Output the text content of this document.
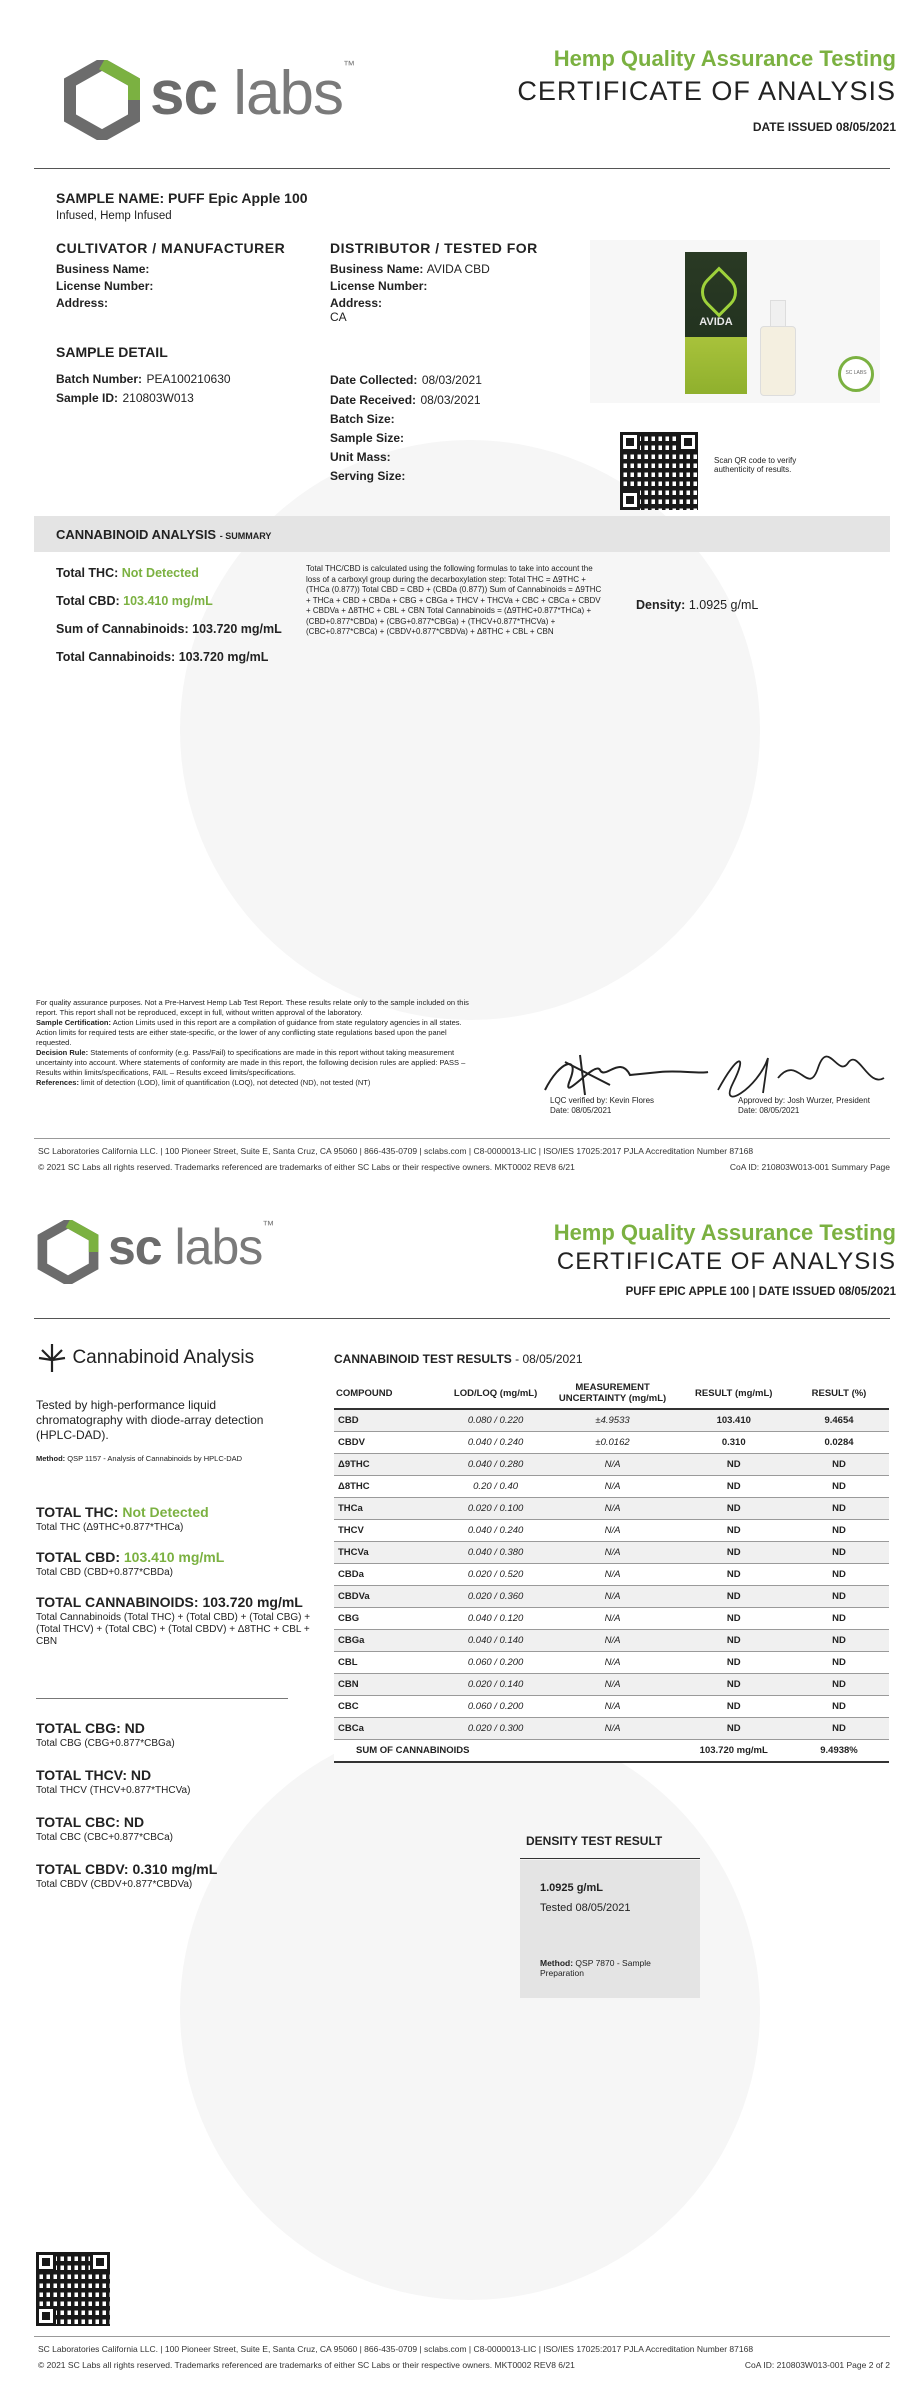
sc labs™	Hemp Quality Assurance Testing
CERTIFICATE OF ANALYSIS
DATE ISSUED 08/05/2021
SAMPLE NAME: PUFF Epic Apple 100
Infused, Hemp Infused
CULTIVATOR / MANUFACTURER
Business Name:
License Number:
Address:
DISTRIBUTOR / TESTED FOR
Business Name: AVIDA CBD
License Number:
Address:
CA	AVIDA
SC LABS
SAMPLE DETAIL
Batch Number: PEA100210630
Sample ID: 210803W013
Date Collected: 08/03/2021
Date Received: 08/03/2021
Batch Size:
Sample Size:
Unit Mass:
Serving Size:
Scan QR code to verify authenticity of results.
CANNABINOID ANALYSIS - SUMMARY
Total THC: Not Detected
Total CBD: 103.410 mg/mL
Sum of Cannabinoids: 103.720 mg/mL
Total Cannabinoids: 103.720 mg/mL
Total THC/CBD is calculated using the following formulas to take into account the loss of a carboxyl group during the decarboxylation step: Total THC = Δ9THC + (THCa (0.877)) Total CBD = CBD + (CBDa (0.877)) Sum of Cannabinoids = Δ9THC + THCa + CBD + CBDa + CBG + CBGa + THCV + THCVa + CBC + CBCa + CBDV + CBDVa + Δ8THC + CBL + CBN Total Cannabinoids = (Δ9THC+0.877*THCa) + (CBD+0.877*CBDa) + (CBG+0.877*CBGa) + (THCV+0.877*THCVa) + (CBC+0.877*CBCa) + (CBDV+0.877*CBDVa) + Δ8THC + CBL + CBN
Density: 1.0925 g/mL
For quality assurance purposes. Not a Pre-Harvest Hemp Lab Test Report. These results relate only to the sample included on this report. This report shall not be reproduced, except in full, without written approval of the laboratory.
Sample Certification: Action Limits used in this report are a compilation of guidance from state regulatory agencies in all states. Action limits for required tests are either state-specific, or the lower of any conflicting state regulations based upon the panel requested.
Decision Rule: Statements of conformity (e.g. Pass/Fail) to specifications are made in this report without taking measurement uncertainty into account. Where statements of conformity are made in this report, the following decision rules are applied: PASS – Results within limits/specifications, FAIL – Results exceed limits/specifications.
References: limit of detection (LOD), limit of quantification (LOQ), not detected (ND), not tested (NT)
LQC verified by: Kevin Flores
Date: 08/05/2021
Approved by: Josh Wurzer, President
Date: 08/05/2021
SC Laboratories California LLC. | 100 Pioneer Street, Suite E, Santa Cruz, CA 95060 | 866-435-0709 | sclabs.com | C8-0000013-LIC | ISO/IES 17025:2017 PJLA Accreditation Number 87168
© 2021 SC Labs all rights reserved. Trademarks referenced are trademarks of either SC Labs or their respective owners. MKT0002 REV8 6/21	CoA ID: 210803W013-001 Summary Page
sc labs™	Hemp Quality Assurance Testing
CERTIFICATE OF ANALYSIS
PUFF EPIC APPLE 100 | DATE ISSUED 08/05/2021
Cannabinoid Analysis
Tested by high-performance liquid chromatography with diode-array detection (HPLC-DAD).
Method: QSP 1157 - Analysis of Cannabinoids by HPLC-DAD
TOTAL THC: Not Detected
Total THC (Δ9THC+0.877*THCa)
TOTAL CBD: 103.410 mg/mL
Total CBD (CBD+0.877*CBDa)
TOTAL CANNABINOIDS: 103.720 mg/mL
Total Cannabinoids (Total THC) + (Total CBD) + (Total CBG) + (Total THCV) + (Total CBC) + (Total CBDV) + Δ8THC + CBL + CBN
TOTAL CBG: ND
Total CBG (CBG+0.877*CBGa)
TOTAL THCV: ND
Total THCV (THCV+0.877*THCVa)
TOTAL CBC: ND
Total CBC (CBC+0.877*CBCa)
TOTAL CBDV: 0.310 mg/mL
Total CBDV (CBDV+0.877*CBDVa)
CANNABINOID TEST RESULTS - 08/05/2021
COMPOUND	LOD/LOQ (mg/mL)	MEASUREMENT UNCERTAINTY (mg/mL)	RESULT (mg/mL)	RESULT (%)
CBD	0.080 / 0.220	±4.9533	103.410	9.4654
CBDV	0.040 / 0.240	±0.0162	0.310	0.0284
Δ9THC	0.040 / 0.280	N/A	ND	ND
Δ8THC	0.20 / 0.40	N/A	ND	ND
THCa	0.020 / 0.100	N/A	ND	ND
THCV	0.040 / 0.240	N/A	ND	ND
THCVa	0.040 / 0.380	N/A	ND	ND
CBDa	0.020 / 0.520	N/A	ND	ND
CBDVa	0.020 / 0.360	N/A	ND	ND
CBG	0.040 / 0.120	N/A	ND	ND
CBGa	0.040 / 0.140	N/A	ND	ND
CBL	0.060 / 0.200	N/A	ND	ND
CBN	0.020 / 0.140	N/A	ND	ND
CBC	0.060 / 0.200	N/A	ND	ND
CBCa	0.020 / 0.300	N/A	ND	ND
SUM OF CANNABINOIDS			103.720 mg/mL	9.4938%
DENSITY TEST RESULT
1.0925 g/mL
Tested 08/05/2021
Method: QSP 7870 - Sample Preparation
SC Laboratories California LLC. | 100 Pioneer Street, Suite E, Santa Cruz, CA 95060 | 866-435-0709 | sclabs.com | C8-0000013-LIC | ISO/IES 17025:2017 PJLA Accreditation Number 87168
© 2021 SC Labs all rights reserved. Trademarks referenced are trademarks of either SC Labs or their respective owners. MKT0002 REV8 6/21	CoA ID: 210803W013-001 Page 2 of 2
